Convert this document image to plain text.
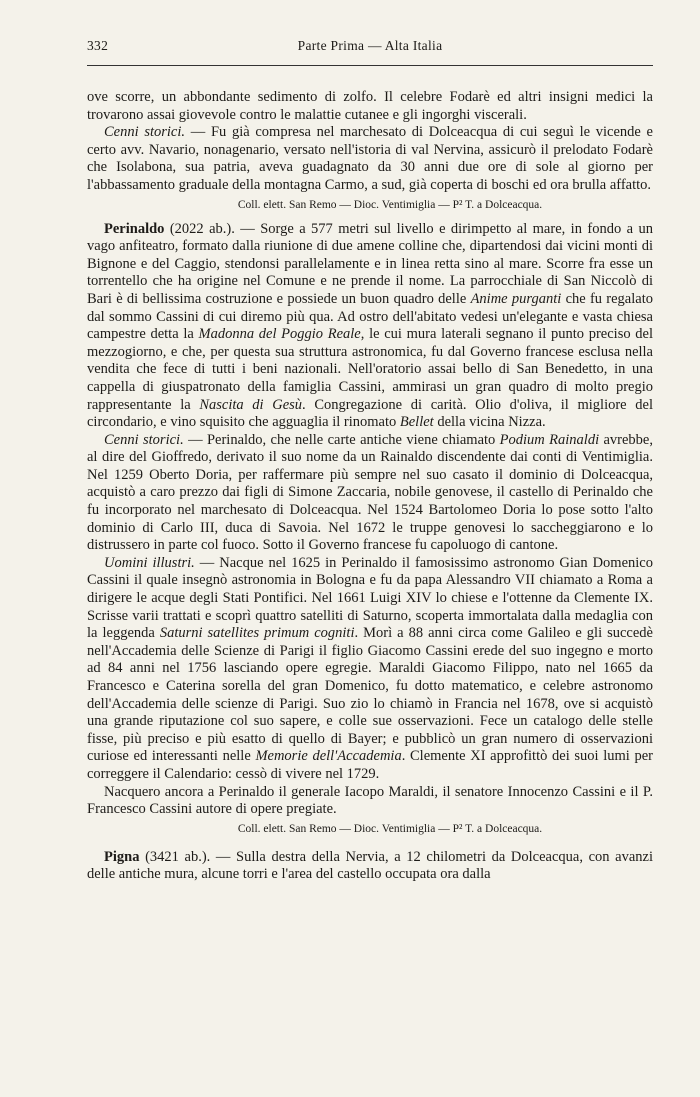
332	Parte Prima — Alta Italia

ove scorre, un abbondante sedimento di zolfo. Il celebre Fodarè ed altri insigni medici la trovarono assai giovevole contro le malattie cutanee e gli ingorghi viscerali.

Cenni storici. — Fu già compresa nel marchesato di Dolceacqua di cui seguì le vicende e certo avv. Navario, nonagenario, versato nell'istoria di val Nervina, assicurò il prelodato Fodarè che Isolabona, sua patria, aveva guadagnato da 30 anni due ore di sole al giorno per l'abbassamento graduale della montagna Carmo, a sud, già coperta di boschi ed ora brulla affatto.

Coll. elett. San Remo — Dioc. Ventimiglia — P² T. a Dolceacqua.

Perinaldo (2022 ab.). — Sorge a 577 metri sul livello e dirimpetto al mare, in fondo a un vago anfiteatro, formato dalla riunione di due amene colline che, dipartendosi dai vicini monti di Bignone e del Caggio, stendonsi parallelamente e in linea retta sino al mare. Scorre fra esse un torrentello che ha origine nel Comune e ne prende il nome. La parrocchiale di San Niccolò di Bari è di bellissima costruzione e possiede un buon quadro delle Anime purganti che fu regalato dal sommo Cassini di cui diremo più qua. Ad ostro dell'abitato vedesi un'elegante e vasta chiesa campestre detta la Madonna del Poggio Reale, le cui mura laterali segnano il punto preciso del mezzogiorno, e che, per questa sua struttura astronomica, fu dal Governo francese esclusa nella vendita che fece di tutti i beni nazionali. Nell'oratorio assai bello di San Benedetto, in una cappella di giuspatronato della famiglia Cassini, ammirasi un gran quadro di molto pregio rappresentante la Nascita di Gesù. Congregazione di carità. Olio d'oliva, il migliore del circondario, e vino squisito che agguaglia il rinomato Bellet della vicina Nizza.

Cenni storici. — Perinaldo, che nelle carte antiche viene chiamato Podium Rainaldi avrebbe, al dire del Gioffredo, derivato il suo nome da un Rainaldo discendente dai conti di Ventimiglia. Nel 1259 Oberto Doria, per raffermare più sempre nel suo casato il dominio di Dolceacqua, acquistò a caro prezzo dai figli di Simone Zaccaria, nobile genovese, il castello di Perinaldo che fu incorporato nel marchesato di Dolceacqua. Nel 1524 Bartolomeo Doria lo pose sotto l'alto dominio di Carlo III, duca di Savoia. Nel 1672 le truppe genovesi lo saccheggiarono e lo distrussero in parte col fuoco. Sotto il Governo francese fu capoluogo di cantone.

Uomini illustri. — Nacque nel 1625 in Perinaldo il famosissimo astronomo Gian Domenico Cassini il quale insegnò astronomia in Bologna e fu da papa Alessandro VII chiamato a Roma a dirigere le acque degli Stati Pontifici. Nel 1661 Luigi XIV lo chiese e l'ottenne da Clemente IX. Scrisse varii trattati e scoprì quattro satelliti di Saturno, scoperta immortalata dalla medaglia con la leggenda Saturni satellites primum cogniti. Morì a 88 anni circa come Galileo e gli succedè nell'Accademia delle Scienze di Parigi il figlio Giacomo Cassini erede del suo ingegno e morto ad 84 anni nel 1756 lasciando opere egregie. Maraldi Giacomo Filippo, nato nel 1665 da Francesco e Caterina sorella del gran Domenico, fu dotto matematico, e celebre astronomo dell'Accademia delle scienze di Parigi. Suo zio lo chiamò in Francia nel 1678, ove si acquistò una grande riputazione col suo sapere, e colle sue osservazioni. Fece un catalogo delle stelle fisse, più preciso e più esatto di quello di Bayer; e pubblicò un gran numero di osservazioni curiose ed interessanti nelle Memorie dell'Accademia. Clemente XI approfittò dei suoi lumi per correggere il Calendario: cessò di vivere nel 1729.

Nacquero ancora a Perinaldo il generale Iacopo Maraldi, il senatore Innocenzo Cassini e il P. Francesco Cassini autore di opere pregiate.

Coll. elett. San Remo — Dioc. Ventimiglia — P² T. a Dolceacqua.

Pigna (3421 ab.). — Sulla destra della Nervia, a 12 chilometri da Dolceacqua, con avanzi delle antiche mura, alcune torri e l'area del castello occupata ora dalla
